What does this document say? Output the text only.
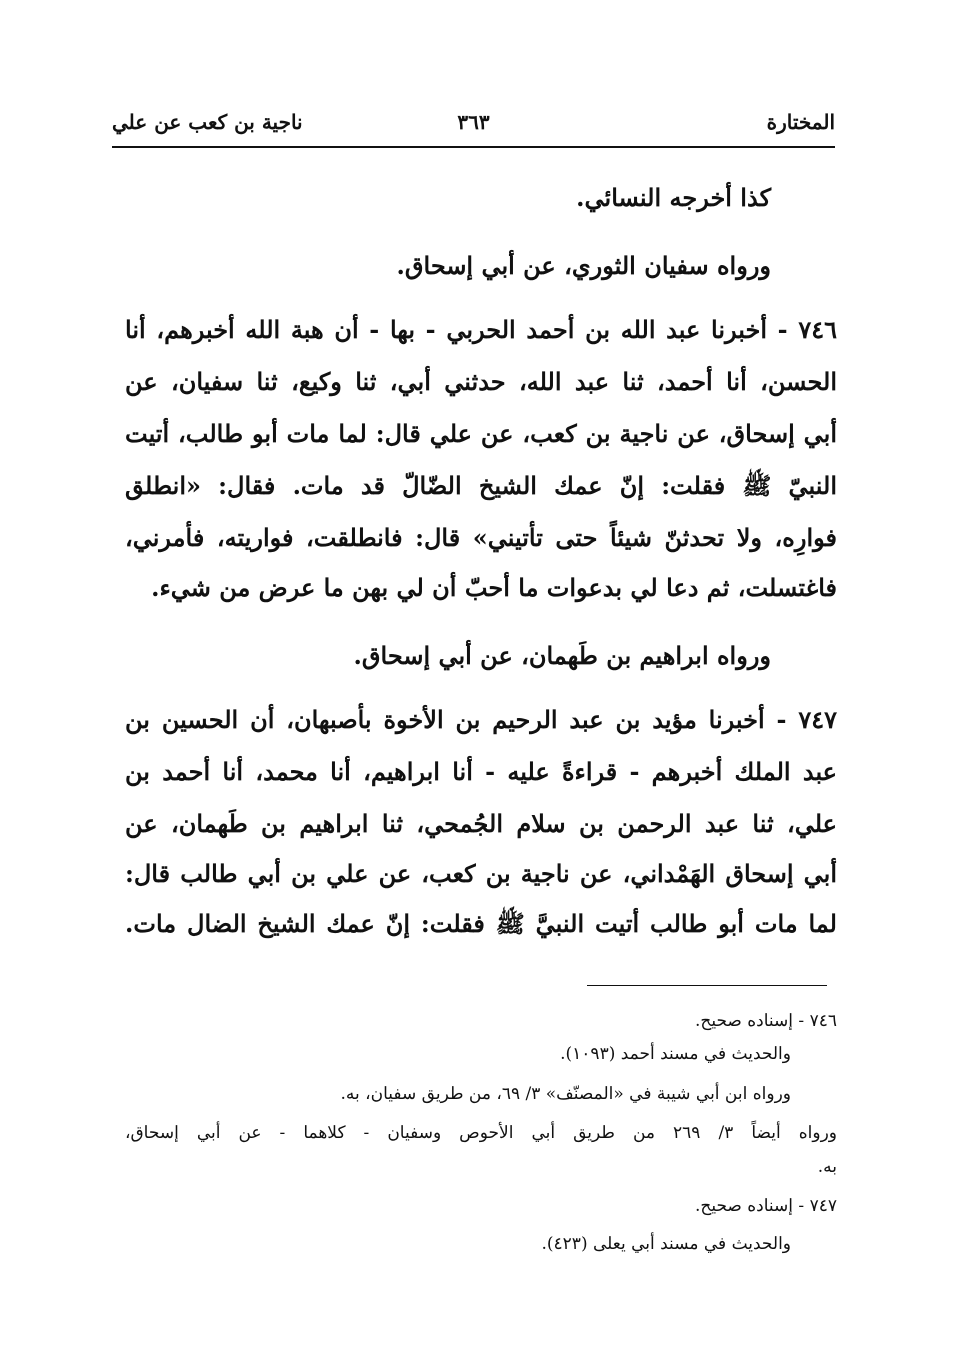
المختارة
٣٦٣
ناجية بن كعب عن علي
كذا أخرجه النسائي.
ورواه سفيان الثوري، عن أبي إسحاق.
٧٤٦ - أخبرنا عبد الله بن أحمد الحربي - بها - أن هبة الله أخبرهم، أنا
الحسن، أنا أحمد، ثنا عبد الله، حدثني أبي، ثنا وكيع، ثنا سفيان، عن
أبي إسحاق، عن ناجية بن كعب، عن علي قال: لما مات أبو طالب، أتيت
النبيّ ﷺ فقلت: إنّ عمك الشيخ الضّالّ قد مات. فقال: «انطلق
فوارِه، ولا تحدثنّ شيئاً حتى تأتيني» قال: فانطلقت، فواريته، فأمرني،
فاغتسلت، ثم دعا لي بدعوات ما أحبّ أن لي بهن ما عرض من شيء.
ورواه ابراهيم بن طَهمان، عن أبي إسحاق.
٧٤٧ - أخبرنا مؤيد بن عبد الرحيم بن الأخوة بأصبهان، أن الحسين بن
عبد الملك أخبرهم - قراءةً عليه - أنا ابراهيم، أنا محمد، أنا أحمد بن
علي، ثنا عبد الرحمن بن سلام الجُمحي، ثنا ابراهيم بن طَهمان، عن
أبي إسحاق الهَمْداني، عن ناجية بن كعب، عن علي بن أبي طالب قال:
لما مات أبو طالب أتيت النبيَّ ﷺ فقلت: إنّ عمك الشيخ الضال مات.
٧٤٦ - إسناده صحيح.
والحديث في مسند أحمد (١٠٩٣).
ورواه ابن أبي شيبة في «المصنّف» ٣/ ٦٩، من طريق سفيان، به.
ورواه أيضاً ٣/ ٢٦٩ من طريق أبي الأحوص وسفيان - كلاهما - عن أبي إسحاق،
به.
٧٤٧ - إسناده صحيح.
والحديث في مسند أبي يعلى (٤٢٣).
